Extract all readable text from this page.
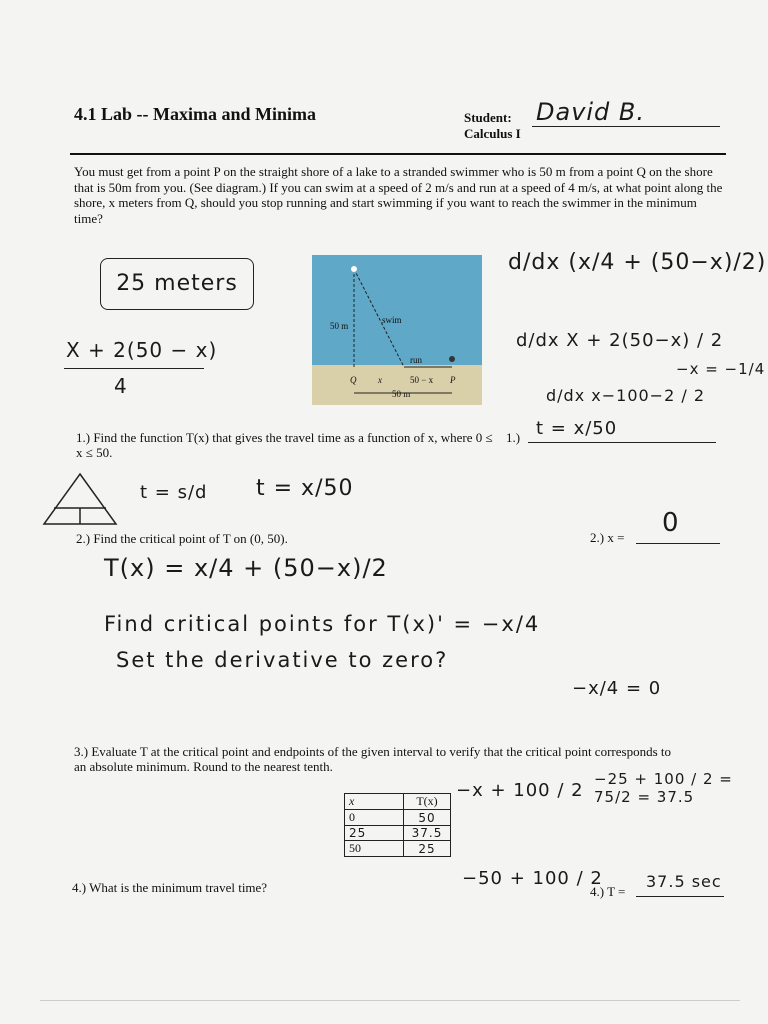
4.1 Lab -- Maxima and Minima	Student:
Calculus I
David B.
You must get from a point P on the straight shore of a lake to a stranded swimmer who is 50 m from a point Q on the shore that is 50m from you. (See diagram.) If you can swim at a speed of 2 m/s and run at a speed of 4 m/s, at what point along the shore, x meters from Q, should you stop running and start swimming if you want to reach the swimmer in the minimum time?
25 meters
X + 2(50 − x)
4
50 m
swim
run
Q x	50 − x P
50 m
d/dx (x/4 + (50−x)/2)
d/dx X + 2(50−x) / 2
d/dx x−100−2 / 2
−x = −1/4
1.) Find the function T(x) that gives the travel time as a function of x, where 0 ≤ x ≤ 50.
1.) t = x/50
t = s/d t = x/50
2.) Find the critical point of T on (0, 50).	2.) x = 0
T(x) = x/4 + (50−x)/2
Find critical points for T(x)' = −x/4
Set the derivative to zero?
−x/4 = 0
3.) Evaluate T at the critical point and endpoints of the given interval to verify that the critical point corresponds to an absolute minimum. Round to the nearest tenth.
x	T(x)
0	50
25	37.5
50	25
−x + 100 / 2
−25 + 100 / 2 = 75/2 = 37.5
−50 + 100 / 2
4.) What is the minimum travel time?	4.) T =
37.5 sec
